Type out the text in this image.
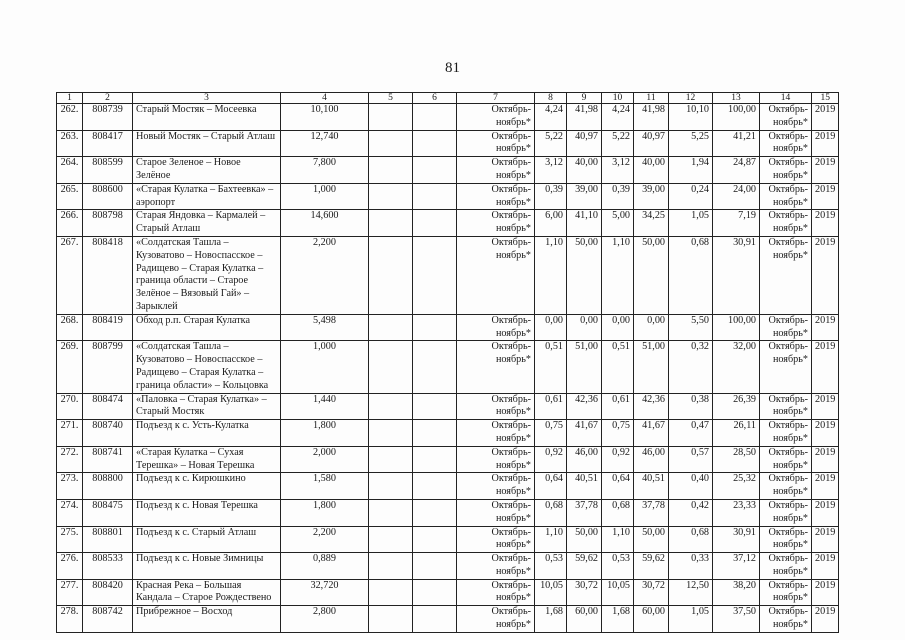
81
1	2	3	4	5	6	7	8	9	10	11	12	13	14	15
262.	808739	Старый Мостяк – Мосеевка	10,100			Октябрь-ноябрь*	4,24	41,98	4,24	41,98	10,10	100,00	Октябрь-ноябрь*	2019
263.	808417	Новый Мостяк – Старый Атлаш	12,740			Октябрь-ноябрь*	5,22	40,97	5,22	40,97	5,25	41,21	Октябрь-ноябрь*	2019
264.	808599	Старое Зеленое – Новое Зелёное	7,800			Октябрь-ноябрь*	3,12	40,00	3,12	40,00	1,94	24,87	Октябрь-ноябрь*	2019
265.	808600	«Старая Кулатка – Бахтеевка» – аэропорт	1,000			Октябрь-ноябрь*	0,39	39,00	0,39	39,00	0,24	24,00	Октябрь-ноябрь*	2019
266.	808798	Старая Яндовка – Кармалей – Старый Атлаш	14,600			Октябрь-ноябрь*	6,00	41,10	5,00	34,25	1,05	7,19	Октябрь-ноябрь*	2019
267.	808418	«Солдатская Ташла – Кузоватово – Новоспасское – Радищево – Старая Кулатка – граница области – Старое Зелёное – Вязовый Гай» – Зарыклей	2,200			Октябрь-ноябрь*	1,10	50,00	1,10	50,00	0,68	30,91	Октябрь-ноябрь*	2019
268.	808419	Обход р.п. Старая Кулатка	5,498			Октябрь-ноябрь*	0,00	0,00	0,00	0,00	5,50	100,00	Октябрь-ноябрь*	2019
269.	808799	«Солдатская Ташла – Кузоватово – Новоспасское – Радищево – Старая Кулатка – граница области» – Кольцовка	1,000			Октябрь-ноябрь*	0,51	51,00	0,51	51,00	0,32	32,00	Октябрь-ноябрь*	2019
270.	808474	«Паловка – Старая Кулатка» – Старый Мостяк	1,440			Октябрь-ноябрь*	0,61	42,36	0,61	42,36	0,38	26,39	Октябрь-ноябрь*	2019
271.	808740	Подъезд к с. Усть-Кулатка	1,800			Октябрь-ноябрь*	0,75	41,67	0,75	41,67	0,47	26,11	Октябрь-ноябрь*	2019
272.	808741	«Старая Кулатка – Сухая Терешка» – Новая Терешка	2,000			Октябрь-ноябрь*	0,92	46,00	0,92	46,00	0,57	28,50	Октябрь-ноябрь*	2019
273.	808800	Подъезд к с. Кирюшкино	1,580			Октябрь-ноябрь*	0,64	40,51	0,64	40,51	0,40	25,32	Октябрь-ноябрь*	2019
274.	808475	Подъезд к с. Новая Терешка	1,800			Октябрь-ноябрь*	0,68	37,78	0,68	37,78	0,42	23,33	Октябрь-ноябрь*	2019
275.	808801	Подъезд к с. Старый Атлаш	2,200			Октябрь-ноябрь*	1,10	50,00	1,10	50,00	0,68	30,91	Октябрь-ноябрь*	2019
276.	808533	Подъезд к с. Новые Зимницы	0,889			Октябрь-ноябрь*	0,53	59,62	0,53	59,62	0,33	37,12	Октябрь-ноябрь*	2019
277.	808420	Красная Река – Большая Кандала – Старое Рождествено	32,720			Октябрь-ноябрь*	10,05	30,72	10,05	30,72	12,50	38,20	Октябрь-ноябрь*	2019
278.	808742	Прибрежное – Восход	2,800			Октябрь-ноябрь*	1,68	60,00	1,68	60,00	1,05	37,50	Октябрь-ноябрь*	2019
